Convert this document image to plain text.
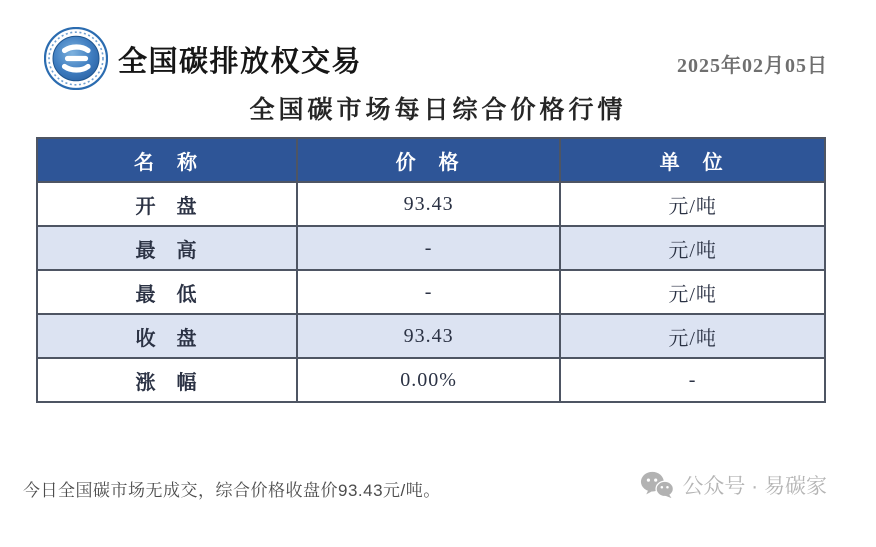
全国碳排放权交易	2025年02月05日
全国碳市场每日综合价格行情
名 称	价 格	单 位
开 盘	93.43	元/吨
最 高	-	元/吨
最 低	-	元/吨
收 盘	93.43	元/吨
涨 幅	0.00%	-
今日全国碳市场无成交，综合价格收盘价93.43元/吨。	公众号 · 易碳家
